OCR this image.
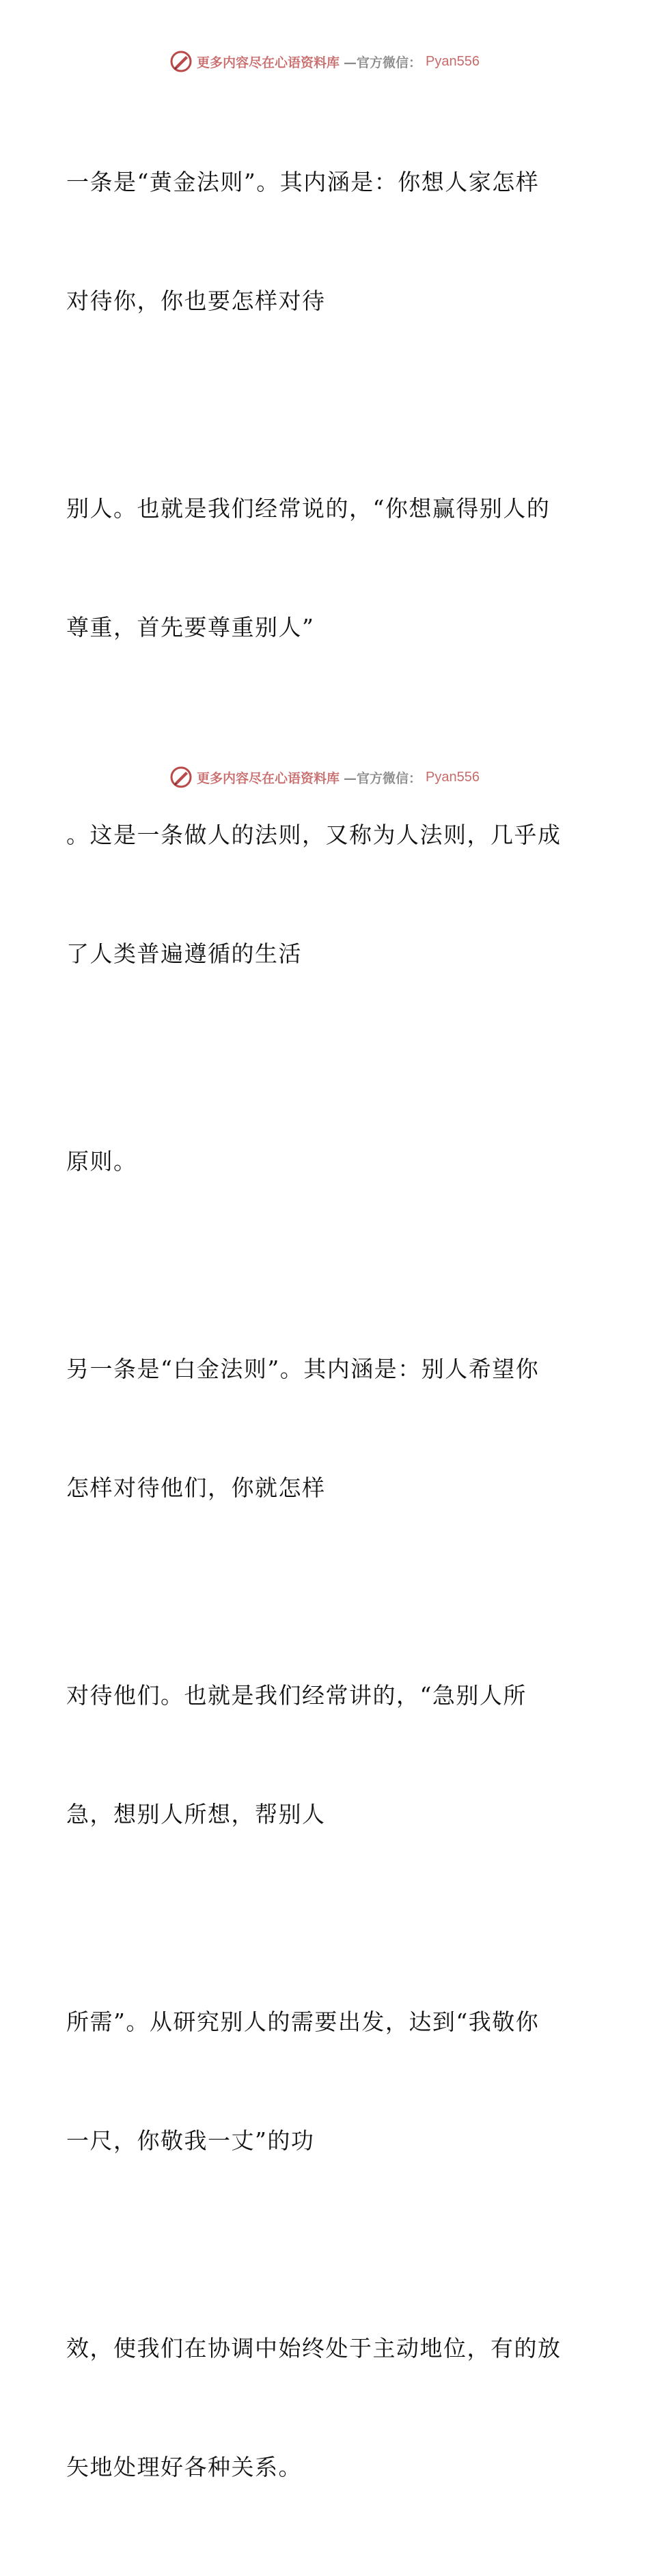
更多内容尽在心语资料库 —官方微信： Pyan556

一条是“黄金法则”。其内涵是：你想人家怎样

对待你，你也要怎样对待

别人。也就是我们经常说的，“你想赢得别人的

尊重，首先要尊重别人”

。这是一条做人的法则，又称为人法则，几乎成

了人类普遍遵循的生活

原则。

另一条是“白金法则”。其内涵是：别人希望你

怎样对待他们，你就怎样

对待他们。也就是我们经常讲的，“急别人所

急，想别人所想，帮别人

所需”。从研究别人的需要出发，达到“我敬你

一尺，你敬我一丈”的功

效，使我们在协调中始终处于主动地位，有的放

矢地处理好各种关系。

更多内容尽在心语资料库 —官方微信： Pyan556
